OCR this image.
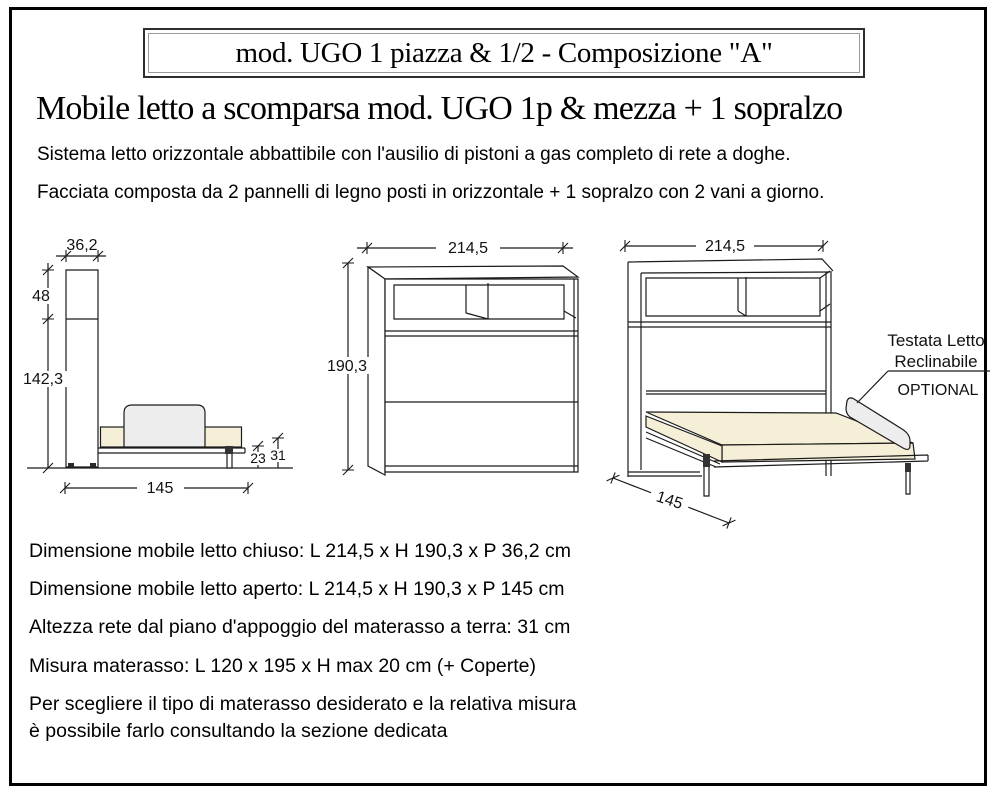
mod. UGO 1 piazza & 1/2 - Composizione "A"
Mobile letto a scomparsa mod. UGO 1p & mezza + 1 sopralzo
Sistema letto orizzontale abbattibile con l'ausilio di pistoni a gas completo di rete a doghe.
Facciata composta da 2 pannelli di legno posti in orizzontale + 1 sopralzo con 2 vani a giorno.
36,2
48
142,3
23 31
145
214,5
190,3
214,5
145
Testata Letto
Reclinabile
OPTIONAL
Dimensione mobile letto chiuso: L 214,5 x H 190,3 x P 36,2 cm
Dimensione mobile letto aperto: L 214,5 x H 190,3 x P 145 cm
Altezza rete dal piano d'appoggio del materasso a terra: 31 cm
Misura materasso: L 120 x 195 x H max 20 cm (+ Coperte)
Per scegliere il tipo di materasso desiderato e la relativa misura
è possibile farlo consultando la sezione dedicata
